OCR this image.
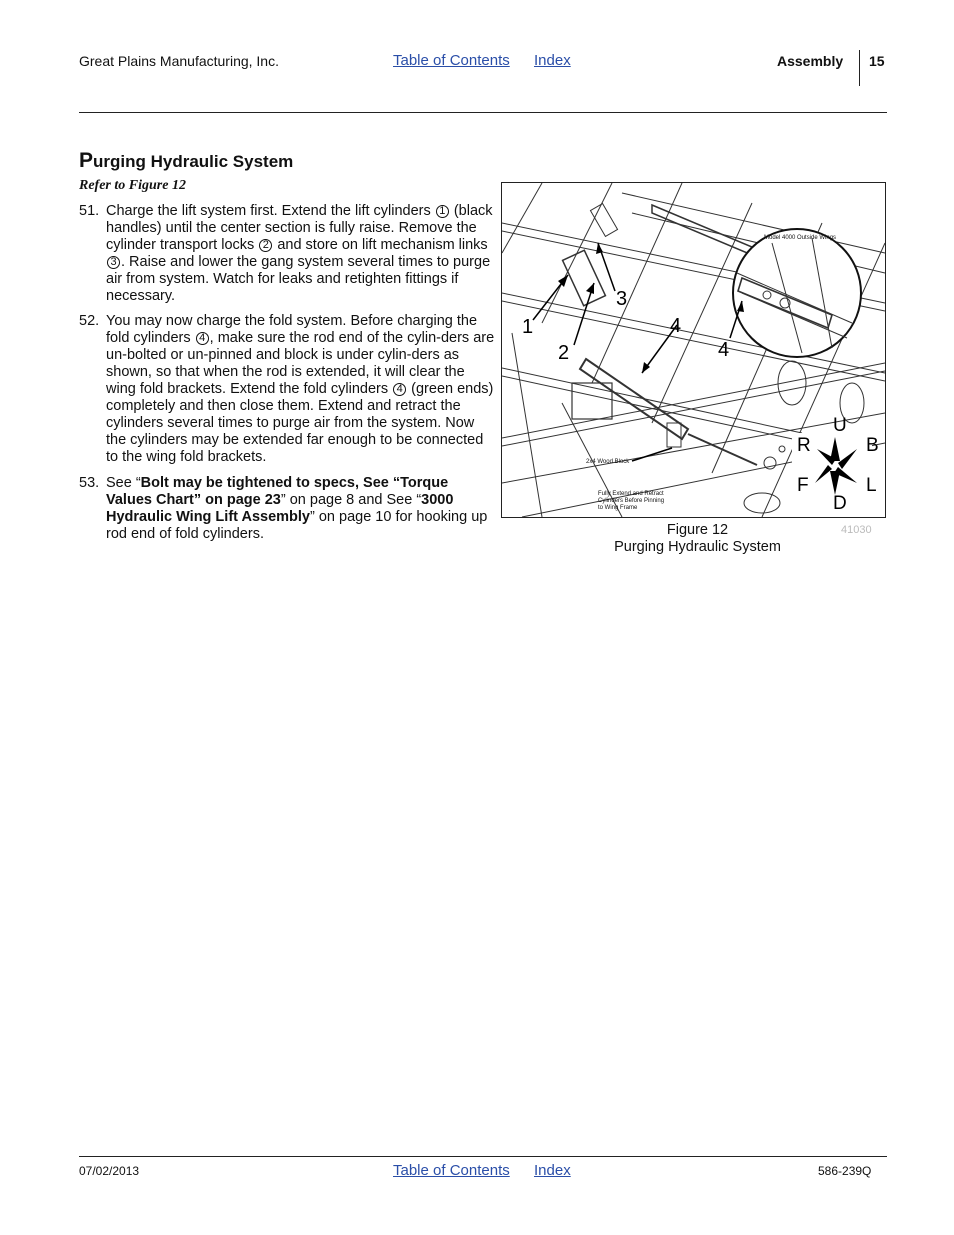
Great Plains Manufacturing, Inc.	Table of Contents Index	Assembly 15
Purging Hydraulic System
Refer to Figure 12
51. Charge the lift system first. Extend the lift cylinders 1 (black handles) until the center section is fully raise. Remove the cylinder transport locks 2 and store on lift mechanism links 3 . Raise and lower the gang system several times to purge air from system. Watch for leaks and retighten fittings if necessary.
52. You may now charge the fold system. Before charging the fold cylinders 4 , make sure the rod end of the cylin-ders are un-bolted or un-pinned and block is under cylin-ders as shown, so that when the rod is extended, it will clear the wing fold brackets. Extend the fold cylinders 4 (green ends) completely and then close them. Extend and retract the cylinders several times to purge air from the system. Now the cylinders may be extended far enough to be connected to the wing fold brackets.
53. See “Bolt may be tightened to specs, See “Torque Values Chart” on page 23” on page 8 and See “3000 Hydraulic Wing Lift Assembly” on page 10 for hooking up rod end of fold cylinders.
Model 4000 Outside Wings
1
2
3
4
4
2x4 Wood Block
Fully Extend and Retract
Cylinders Before Pinning
to Wing Frame
U
B
R
L
F
D
Figure 12
Purging Hydraulic System
41030
07/02/2013	Table of Contents Index	586-239Q
